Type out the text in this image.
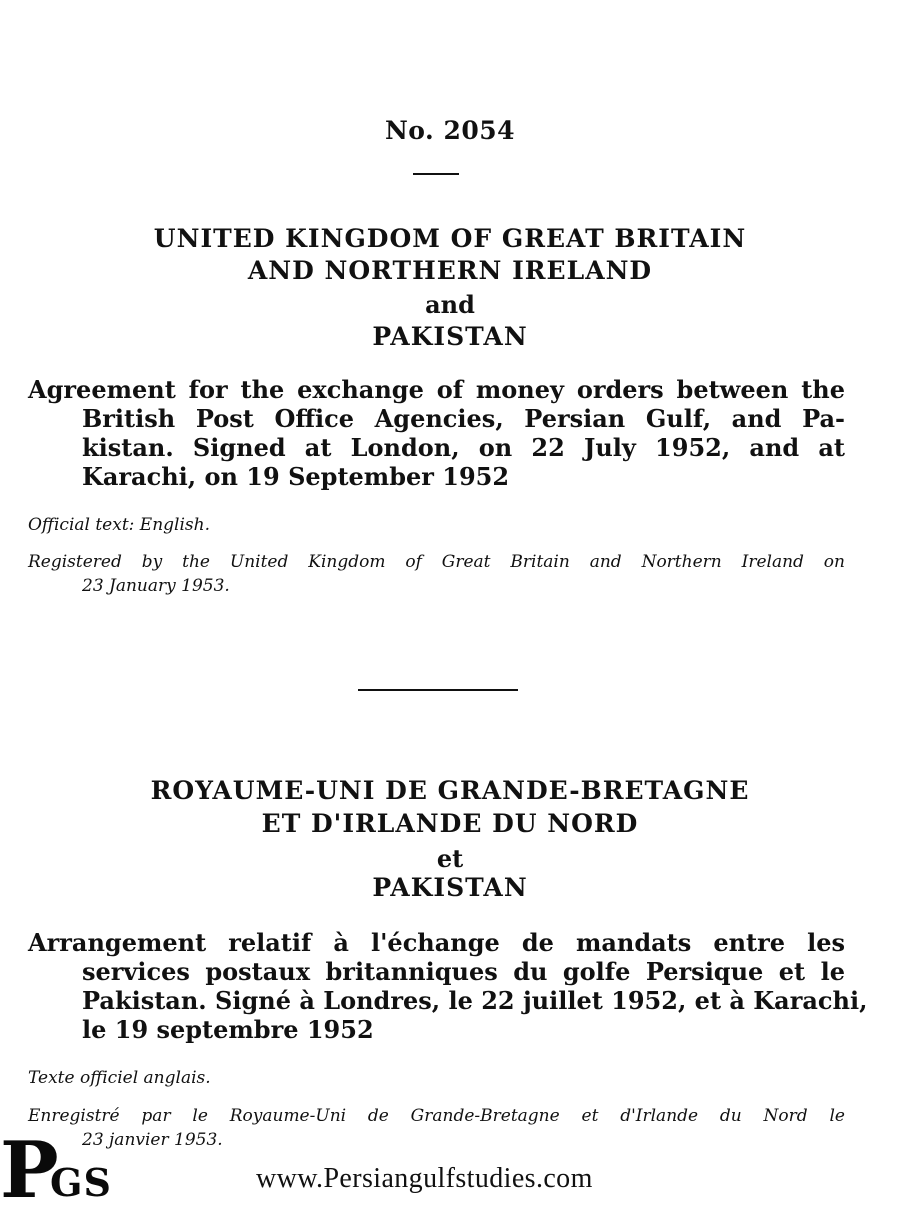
No. 2054
UNITED KINGDOM OF GREAT BRITAIN
AND NORTHERN IRELAND
and
PAKISTAN
Agreement for the exchange of money orders between the
British Post Office Agencies, Persian Gulf, and Pa-
kistan. Signed at London, on 22 July 1952, and at
Karachi, on 19 September 1952
Official text: English.
Registered by the United Kingdom of Great Britain and Northern Ireland on
23 January 1953.
ROYAUME-UNI DE GRANDE-BRETAGNE
ET D'IRLANDE DU NORD
et
PAKISTAN
Arrangement relatif à l'échange de mandats entre les
services postaux britanniques du golfe Persique et le
Pakistan. Signé à Londres, le 22 juillet 1952, et à Karachi,
le 19 septembre 1952
Texte officiel anglais.
Enregistré par le Royaume-Uni de Grande-Bretagne et d'Irlande du Nord le
23 janvier 1953.
P
GS	www.Persiangulfstudies.com
